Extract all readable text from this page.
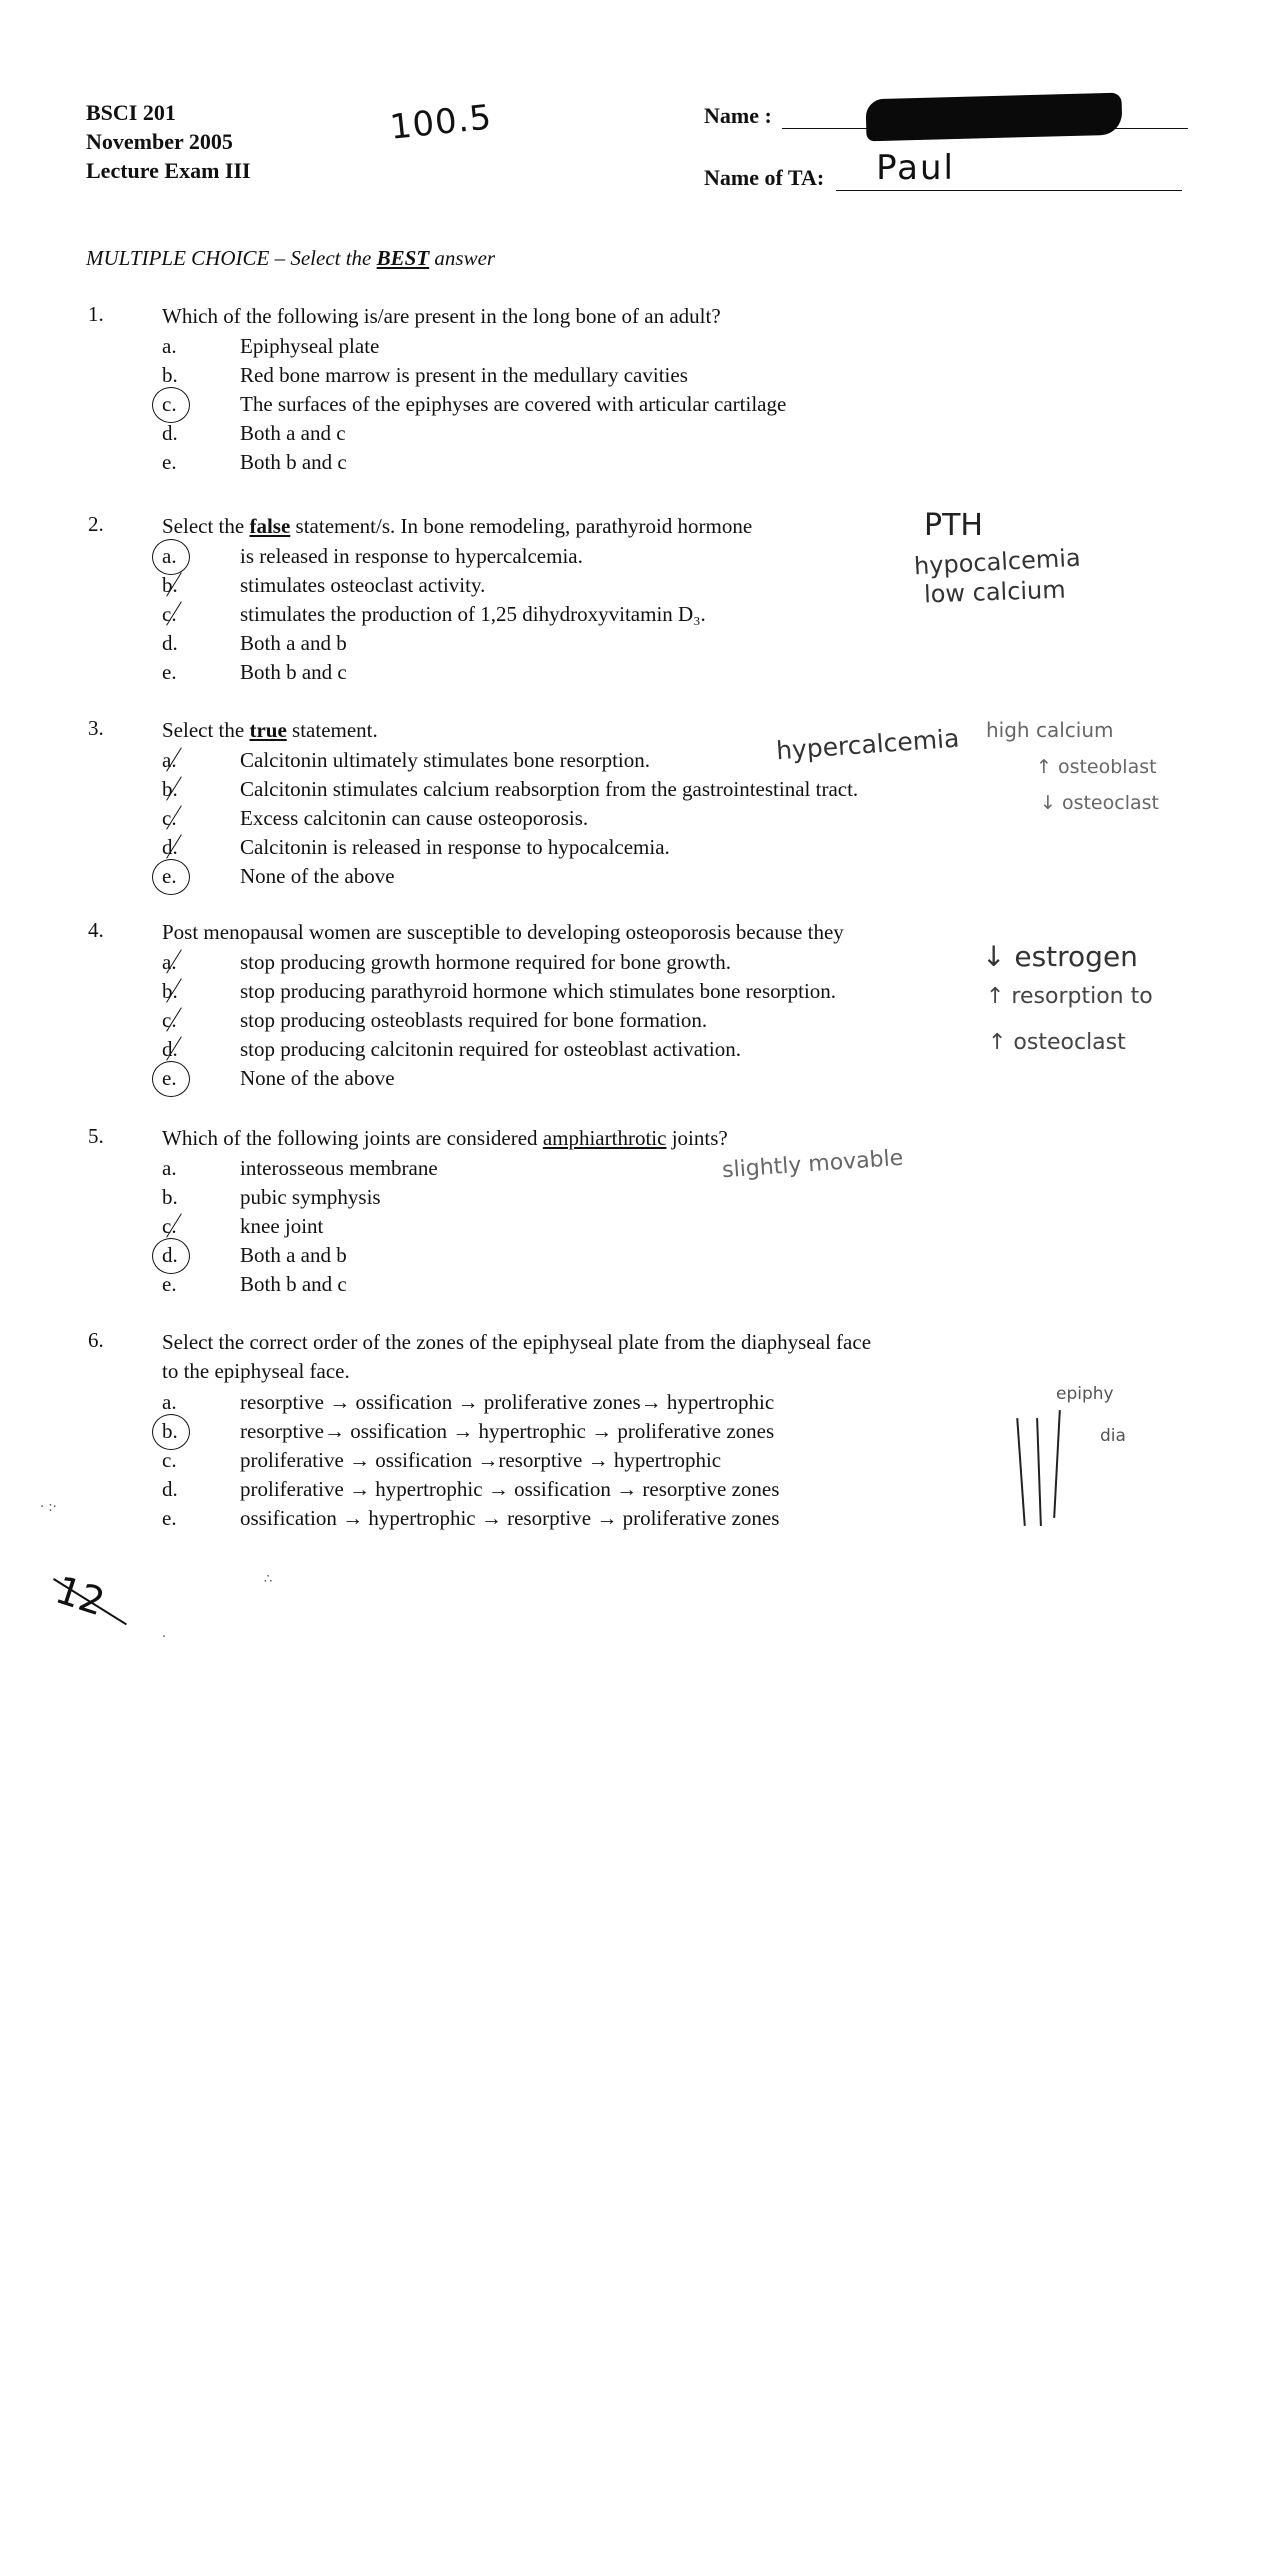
BSCI 201
November 2005
Lecture Exam III
100.5	Name :
Name of TA: Paul
MULTIPLE CHOICE – Select the BEST answer
1.	Which of the following is/are present in the long bone of an adult?
a.	Epiphyseal plate
b.	Red bone marrow is present in the medullary cavities
c.	The surfaces of the epiphyses are covered with articular cartilage
d.	Both a and c
e.	Both b and c
2.	Select the false statement/s. In bone remodeling, parathyroid hormone
a.	is released in response to hypercalcemia.
b.	stimulates osteoclast activity.
c.	stimulates the production of 1,25 dihydroxyvitamin D₃.
d.	Both a and b
e.	Both b and c
3.	Select the true statement.
a.	Calcitonin ultimately stimulates bone resorption.
b.	Calcitonin stimulates calcium reabsorption from the gastrointestinal tract.
c.	Excess calcitonin can cause osteoporosis.
d.	Calcitonin is released in response to hypocalcemia.
e.	None of the above
4.	Post menopausal women are susceptible to developing osteoporosis because they
a.	stop producing growth hormone required for bone growth.
b.	stop producing parathyroid hormone which stimulates bone resorption.
c.	stop producing osteoblasts required for bone formation.
d.	stop producing calcitonin required for osteoblast activation.
e.	None of the above
5.	Which of the following joints are considered amphiarthrotic joints?
a.	interosseous membrane
b.	pubic symphysis
c.	knee joint
d.	Both a and b
e.	Both b and c
6.	Select the correct order of the zones of the epiphyseal plate from the diaphyseal face
to the epiphyseal face.
a.	resorptive → ossification → proliferative zones→ hypertrophic
b.	resorptive→ ossification → hypertrophic → proliferative zones
c.	proliferative → ossification →resorptive → hypertrophic
d.	proliferative → hypertrophic → ossification → resorptive zones
e.	ossification → hypertrophic → resorptive → proliferative zones
PTH
hypocalcemia
low calcium
hypercalcemia high calcium
↑ osteoblast
↓ osteoclast
↓ estrogen
↑ resorption to
↑ osteoclast
slightly movable
epiphy
dia
12
· :·
∴
·
